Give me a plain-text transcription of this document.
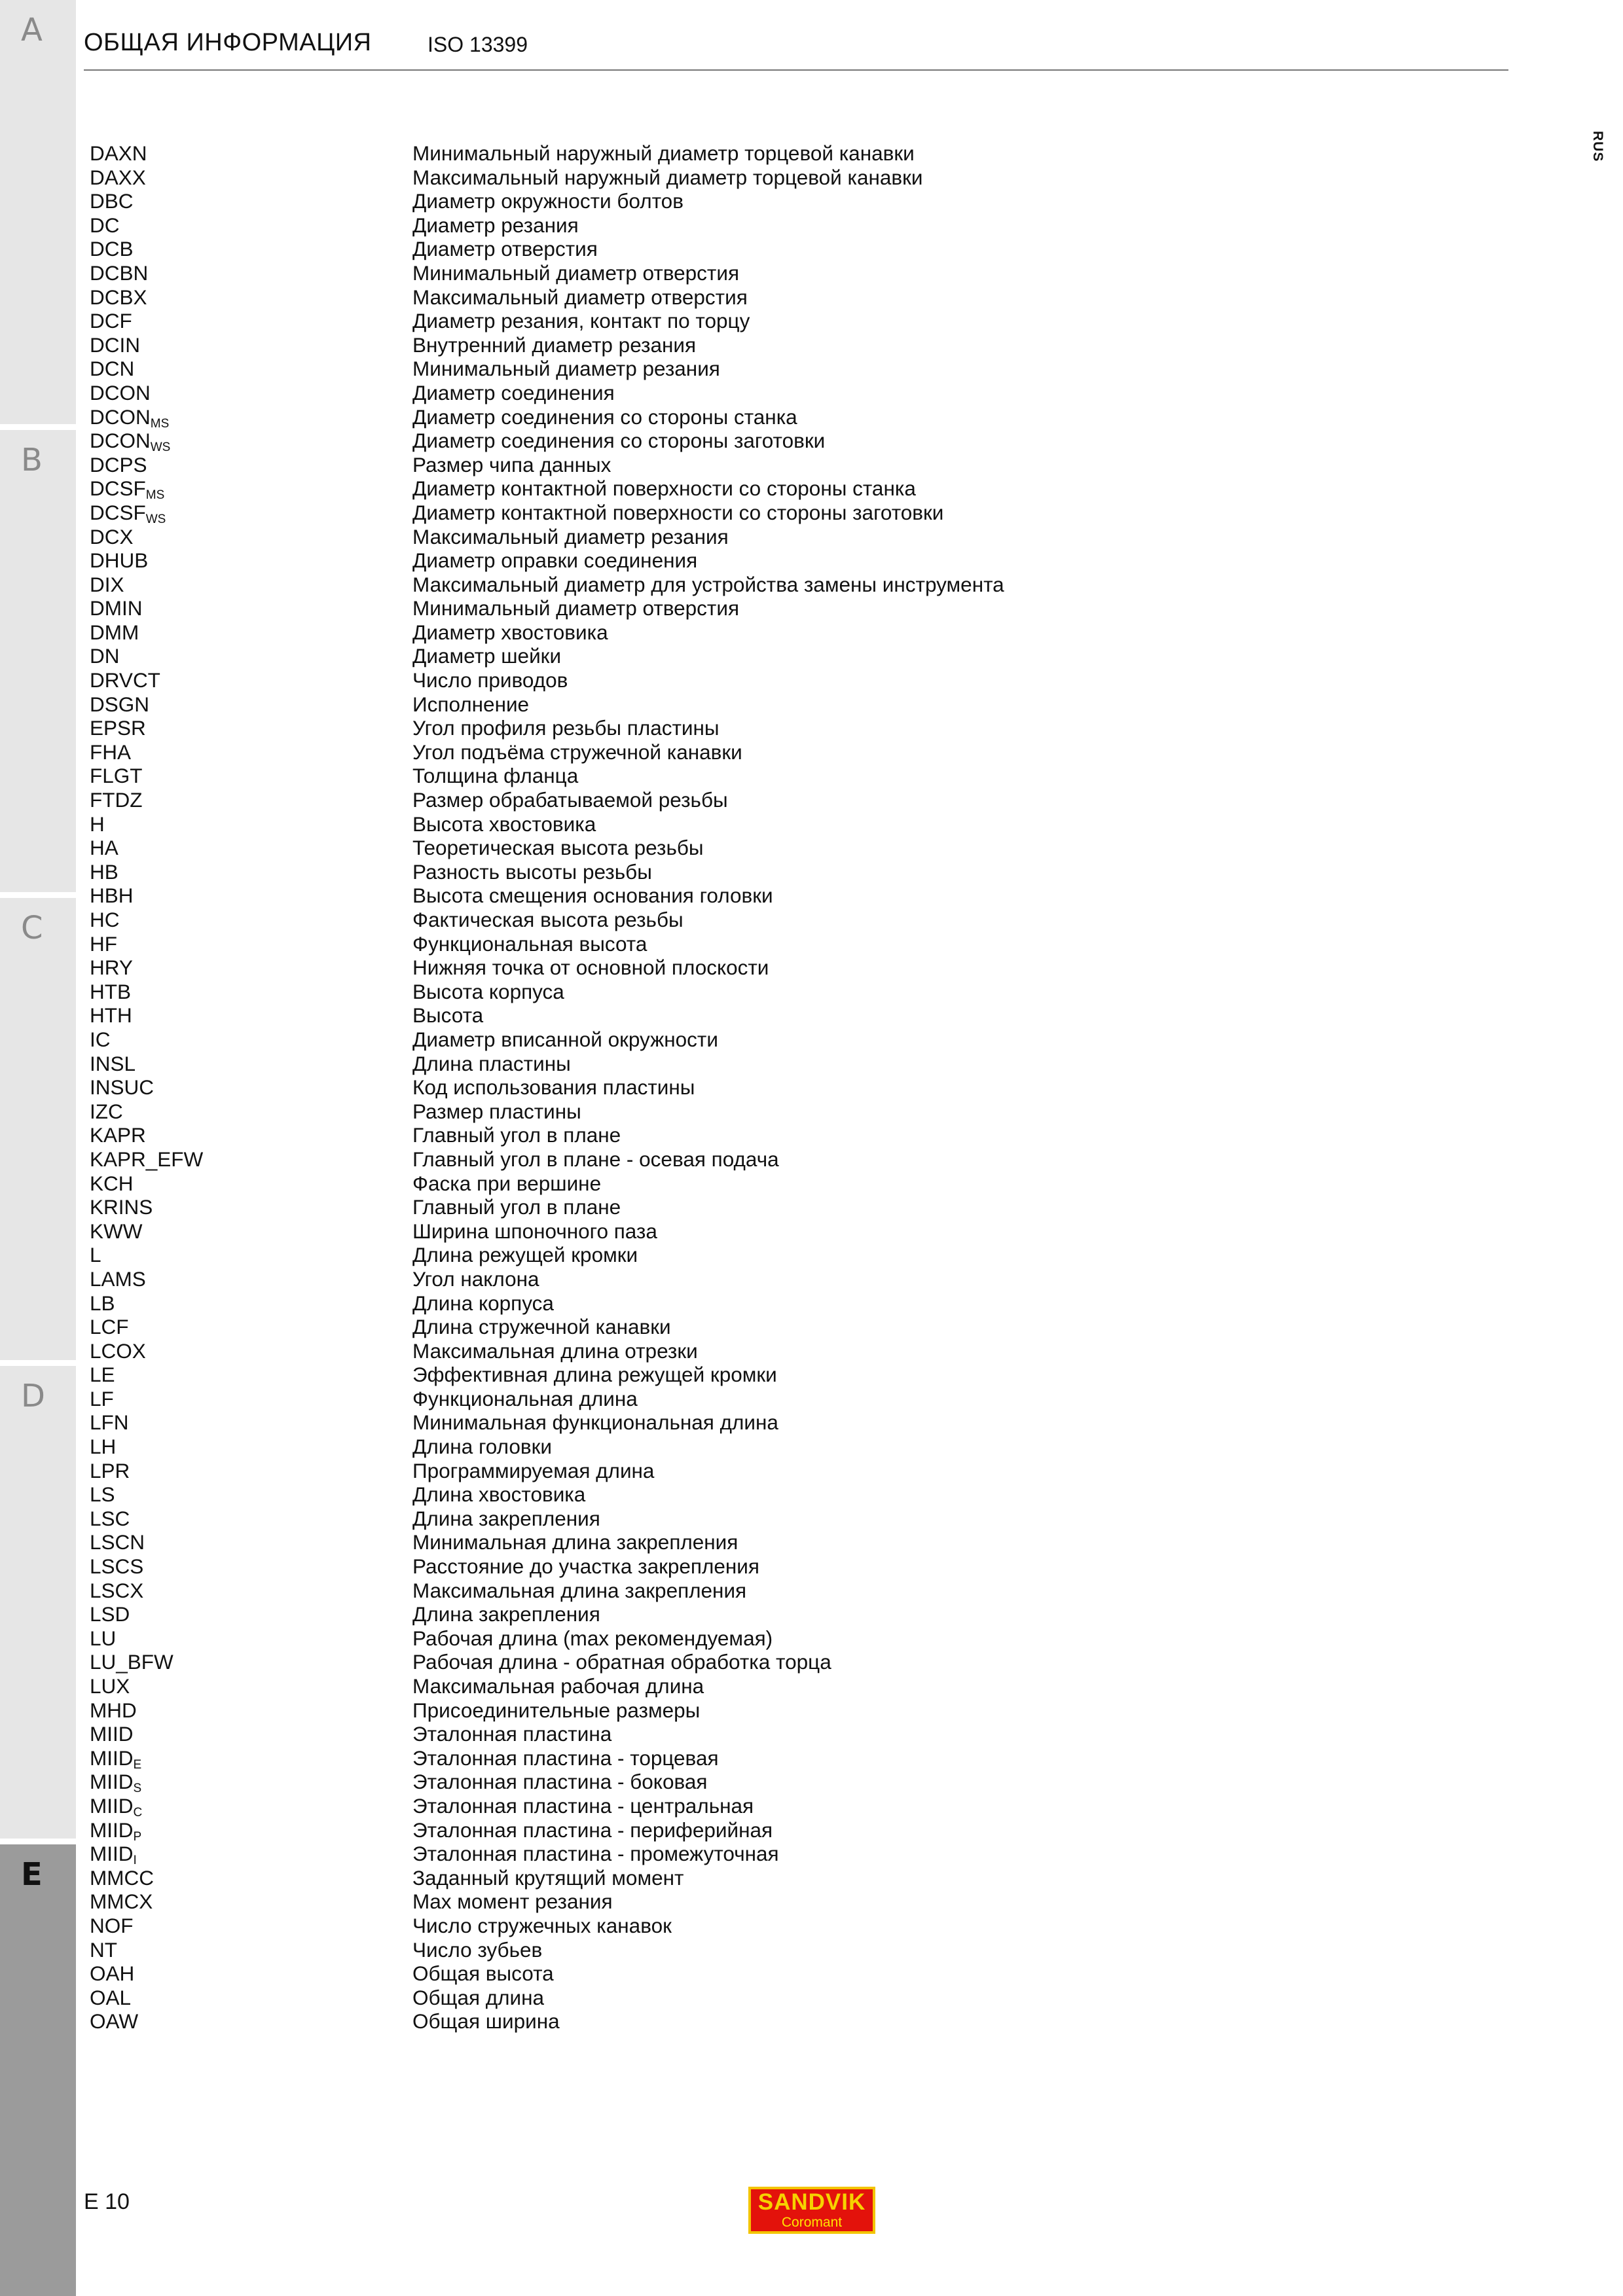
A
B
C
D
E
ОБЩАЯ ИНФОРМАЦИЯ	ISO 13399
RUS
DAXN	Минимальный наружный диаметр торцевой канавки
DAXX	Максимальный наружный диаметр торцевой канавки
DBC	Диаметр окружности болтов
DC	Диаметр резания
DCB	Диаметр отверстия
DCBN	Минимальный диаметр отверстия
DCBX	Максимальный диаметр отверстия
DCF	Диаметр резания, контакт по торцу
DCIN	Внутренний диаметр резания
DCN	Минимальный диаметр резания
DCON	Диаметр соединения
$DCON_{MS}$	Диаметр соединения со стороны станка
$DCON_{WS}$	Диаметр соединения со стороны заготовки
DCPS	Размер чипа данных
$DCSF_{MS}$	Диаметр контактной поверхности со стороны станка
$DCSF_{WS}$	Диаметр контактной поверхности со стороны заготовки
DCX	Максимальный диаметр резания
DHUB	Диаметр оправки соединения
DIX	Максимальный диаметр для устройства замены инструмента
DMIN	Минимальный диаметр отверстия
DMM	Диаметр хвостовика
DN	Диаметр шейки
DRVCT	Число приводов
DSGN	Исполнение
EPSR	Угол профиля резьбы пластины
FHA	Угол подъёма стружечной канавки
FLGT	Толщина фланца
FTDZ	Размер обрабатываемой резьбы
H	Высота хвостовика
HA	Теоретическая высота резьбы
HB	Разность высоты резьбы
HBH	Высота смещения основания головки
HC	Фактическая высота резьбы
HF	Функциональная высота
HRY	Нижняя точка от основной плоскости
HTB	Высота корпуса
HTH	Высота
IC	Диаметр вписанной окружности
INSL	Длина пластины
INSUC	Код использования пластины
IZC	Размер пластины
KAPR	Главный угол в плане
KAPR_EFW	Главный угол в плане - осевая подача
KCH	Фаска при вершине
KRINS	Главный угол в плане
KWW	Ширина шпоночного паза
L	Длина режущей кромки
LAMS	Угол наклона
LB	Длина корпуса
LCF	Длина стружечной канавки
LCOX	Максимальная длина отрезки
LE	Эффективная длина режущей кромки
LF	Функциональная длина
LFN	Минимальная функциональная длина
LH	Длина головки
LPR	Программируемая длина
LS	Длина хвостовика
LSC	Длина закрепления
LSCN	Минимальная длина закрепления
LSCS	Расстояние до участка закрепления
LSCX	Максимальная длина закрепления
LSD	Длина закрепления
LU	Рабочая длина (max рекомендуемая)
LU_BFW	Рабочая длина - обратная обработка торца
LUX	Максимальная рабочая длина
MHD	Присоединительные размеры
MIID	Эталонная пластина
$MIID_E$	Эталонная пластина - торцевая
$MIID_S$	Эталонная пластина - боковая
$MIID_C$	Эталонная пластина - центральная
$MIID_P$	Эталонная пластина - периферийная
$MIID_I$	Эталонная пластина - промежуточная
MMCC	Заданный крутящий момент
MMCX	Max момент резания
NOF	Число стружечных канавок
NT	Число зубьев
OAH	Общая высота
OAL	Общая длина
OAW	Общая ширина
E 10	SANDVIK
Coromant
